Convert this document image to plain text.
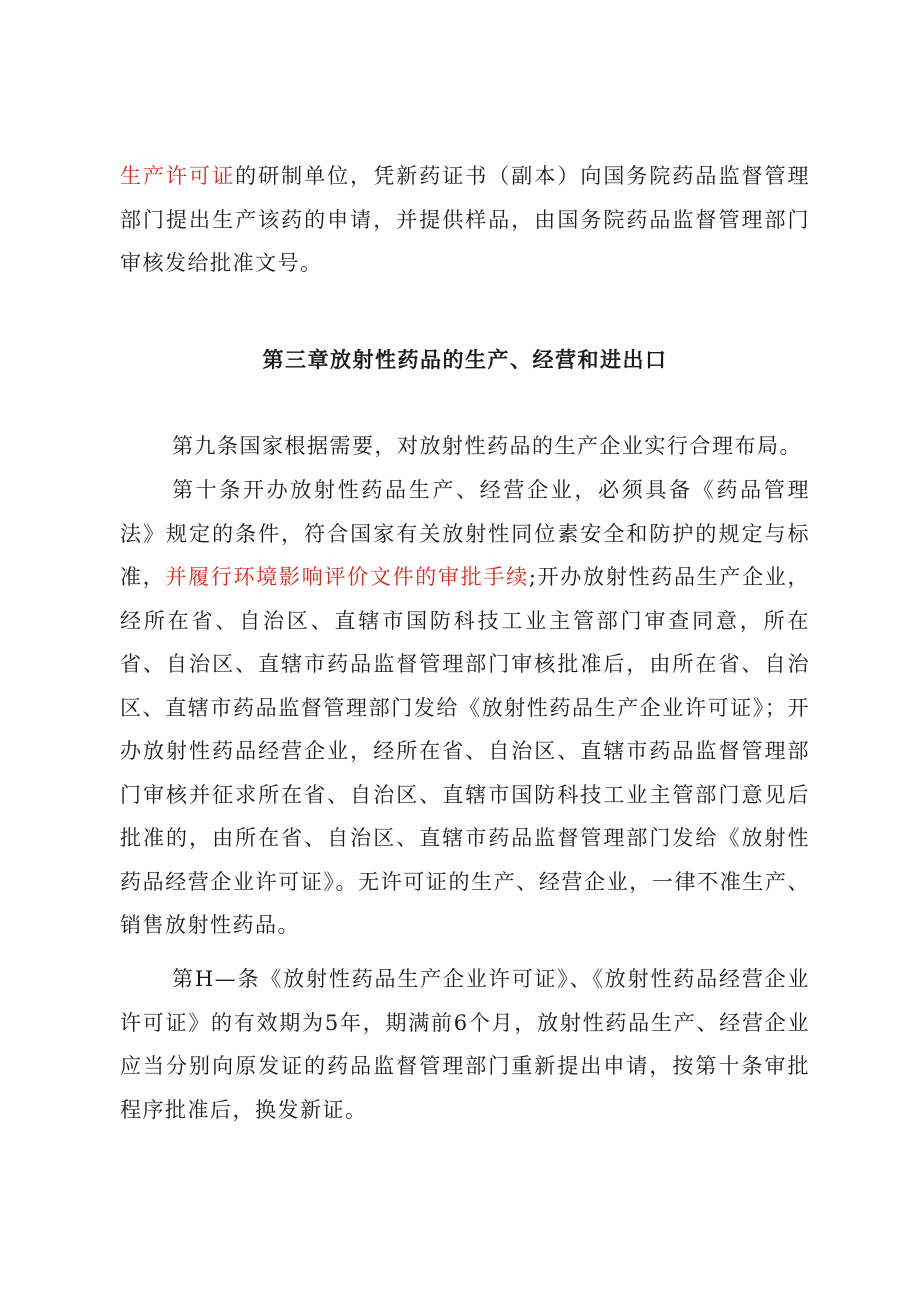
生产许可证的研制单位，凭新药证书（副本）向国务院药品监督管理部门提出生产该药的申请，并提供样品，由国务院药品监督管理部门审核发给批准文号。

第三章放射性药品的生产、经营和进出口

第九条国家根据需要，对放射性药品的生产企业实行合理布局。

第十条开办放射性药品生产、经营企业，必须具备《药品管理法》规定的条件，符合国家有关放射性同位素安全和防护的规定与标准，并履行环境影响评价文件的审批手续;开办放射性药品生产企业，经所在省、自治区、直辖市国防科技工业主管部门审查同意，所在省、自治区、直辖市药品监督管理部门审核批准后，由所在省、自治区、直辖市药品监督管理部门发给《放射性药品生产企业许可证》；开办放射性药品经营企业，经所在省、自治区、直辖市药品监督管理部门审核并征求所在省、自治区、直辖市国防科技工业主管部门意见后批准的，由所在省、自治区、直辖市药品监督管理部门发给《放射性药品经营企业许可证》。无许可证的生产、经营企业，一律不准生产、销售放射性药品。

第H—条《放射性药品生产企业许可证》、《放射性药品经营企业许可证》的有效期为5年，期满前6个月，放射性药品生产、经营企业应当分别向原发证的药品监督管理部门重新提出申请，按第十条审批程序批准后，换发新证。
